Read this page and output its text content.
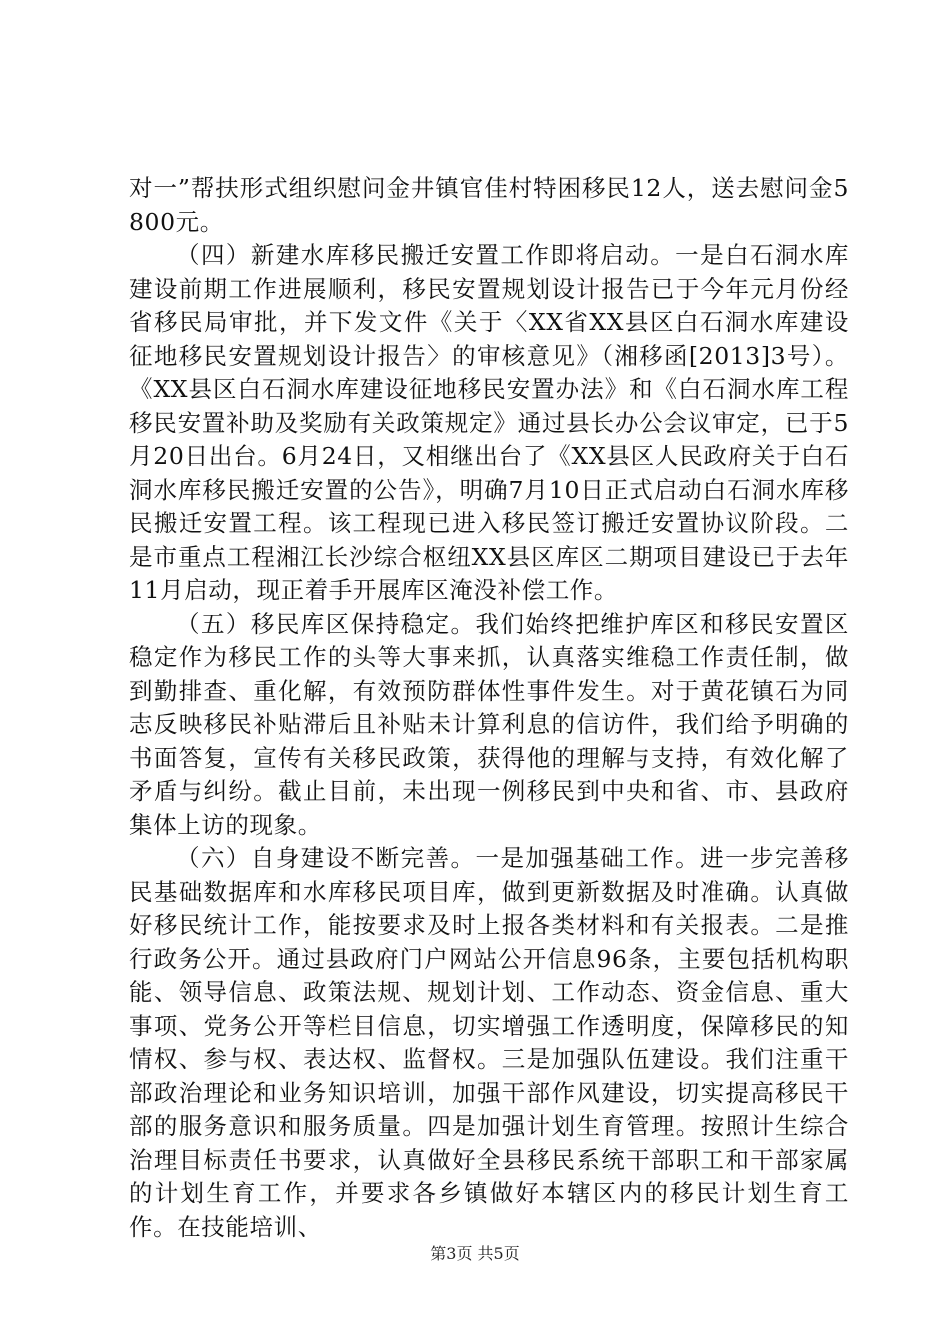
对一”帮扶形式组织慰问金井镇官佳村特困移民12人，送去慰问金5800元。

（四）新建水库移民搬迁安置工作即将启动。一是白石洞水库建设前期工作进展顺利，移民安置规划设计报告已于今年元月份经省移民局审批，并下发文件《关于〈XX省XX县区白石洞水库建设征地移民安置规划设计报告〉的审核意见》（湘移函[2013]3号）。《XX县区白石洞水库建设征地移民安置办法》和《白石洞水库工程移民安置补助及奖励有关政策规定》通过县长办公会议审定，已于5月20日出台。6月24日，又相继出台了《XX县区人民政府关于白石洞水库移民搬迁安置的公告》，明确7月10日正式启动白石洞水库移民搬迁安置工程。该工程现已进入移民签订搬迁安置协议阶段。二是市重点工程湘江长沙综合枢纽XX县区库区二期项目建设已于去年11月启动，现正着手开展库区淹没补偿工作。

（五）移民库区保持稳定。我们始终把维护库区和移民安置区稳定作为移民工作的头等大事来抓，认真落实维稳工作责任制，做到勤排查、重化解，有效预防群体性事件发生。对于黄花镇石为同志反映移民补贴滞后且补贴未计算利息的信访件，我们给予明确的书面答复，宣传有关移民政策，获得他的理解与支持，有效化解了矛盾与纠纷。截止目前，未出现一例移民到中央和省、市、县政府集体上访的现象。

（六）自身建设不断完善。一是加强基础工作。进一步完善移民基础数据库和水库移民项目库，做到更新数据及时准确。认真做好移民统计工作，能按要求及时上报各类材料和有关报表。二是推行政务公开。通过县政府门户网站公开信息96条，主要包括机构职能、领导信息、政策法规、规划计划、工作动态、资金信息、重大事项、党务公开等栏目信息，切实增强工作透明度，保障移民的知情权、参与权、表达权、监督权。三是加强队伍建设。我们注重干部政治理论和业务知识培训，加强干部作风建设，切实提高移民干部的服务意识和服务质量。四是加强计划生育管理。按照计生综合治理目标责任书要求，认真做好全县移民系统干部职工和干部家属的计划生育工作，并要求各乡镇做好本辖区内的移民计划生育工作。在技能培训、

第3页 共5页
